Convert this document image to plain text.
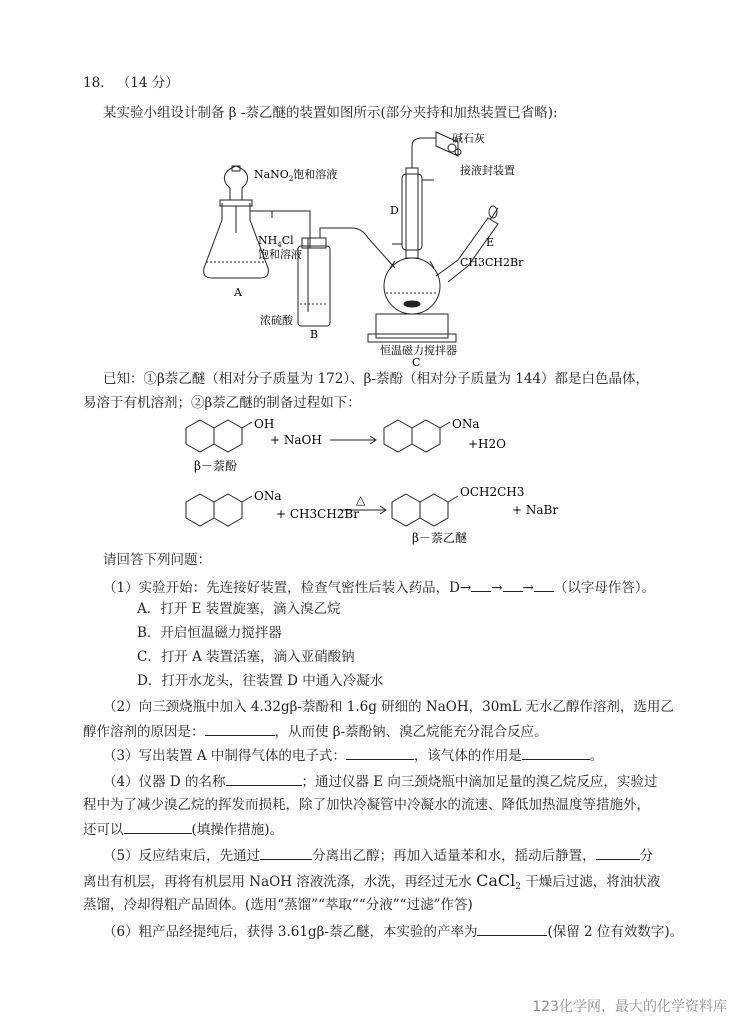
18. （14 分）
某实验小组设计制备 β -萘乙醚的装置如图所示(部分夹持和加热装置已省略):
NaNO$_2$饱和溶液
$NH_4Cl$
饱和溶液
A
浓硫酸
B
碱石灰
接液封装置
D
E
CH3CH2Br
恒温磁力搅拌器
C
已知：①β萘乙醚（相对分子质量为 172）、β-萘酚（相对分子质量为 144）都是白色晶体，
易溶于有机溶剂；②β萘乙醚的制备过程如下：
OH
+ NaOH
ONa
+H2O
β－萘酚
ONa
+ CH3CH2Br
△
OCH2CH3
+ NaBr
β－萘乙醚
请回答下列问题：
（1）实验开始：先连接好装置，检查气密性后装入药品，D→ → → （以字母作答）。
A．打开 E 装置旋塞，滴入溴乙烷
B．开启恒温磁力搅拌器
C．打开 A 装置活塞，滴入亚硝酸钠
D．打开水龙头，往装置 D 中通入冷凝水
（2）向三颈烧瓶中加入 4.32gβ-萘酚和 1.6g 研细的 NaOH，30mL 无水乙醇作溶剂，选用乙
醇作溶剂的原因是：	，从而使 β-萘酚钠、溴乙烷能充分混合反应。
（3）写出装置 A 中制得气体的电子式：	，该气体的作用是	。
（4）仪器 D 的名称	；通过仪器 E 向三颈烧瓶中滴加足量的溴乙烷反应，实验过
程中为了减少溴乙烷的挥发而损耗，除了加快冷凝管中冷凝水的流速、降低加热温度等措施外，
还可以	(填操作措施)。
（5）反应结束后，先通过	分离出乙醇；再加入适量苯和水，摇动后静置，	分
离出有机层，再将有机层用 NaOH 溶液洗涤，水洗，再经过无水 CaCl$_2$ 干燥后过滤，将油状液
蒸馏，冷却得粗产品固体。(选用“蒸馏”“萃取”“分液”“过滤”作答)
（6）粗产品经提纯后，获得 3.61gβ-萘乙醚，本实验的产率为	(保留 2 位有效数字)。
123化学网，最大的化学资料库
